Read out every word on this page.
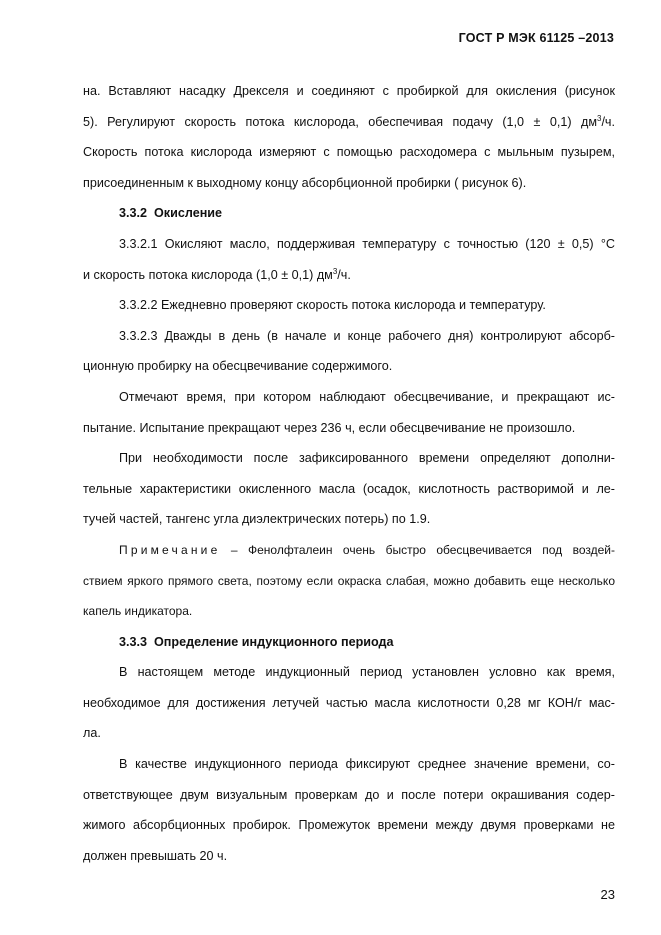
ГОСТ Р МЭК 61125 –2013
на. Вставляют насадку Дрекселя и соединяют с пробиркой для окисления (рисунок
5). Регулируют скорость потока кислорода, обеспечивая подачу (1,0 ± 0,1) $дм^3/ч$.
Скорость потока кислорода измеряют с помощью расходомера с мыльным пузырем,
присоединенным к выходному концу абсорбционной пробирки ( рисунок 6).
3.3.2 Окисление
3.3.2.1 Окисляют масло, поддерживая температуру с точностью (120 ± 0,5) °С
и скорость потока кислорода (1,0 ± 0,1) $дм^3/ч$.
3.3.2.2 Ежедневно проверяют скорость потока кислорода и температуру.
3.3.2.3 Дважды в день (в начале и конце рабочего дня) контролируют абсорб-
ционную пробирку на обесцвечивание содержимого.
Отмечают время, при котором наблюдают обесцвечивание, и прекращают ис-
пытание. Испытание прекращают через 236 ч, если обесцвечивание не произошло.
При необходимости после зафиксированного времени определяют дополни-
тельные характеристики окисленного масла (осадок, кислотность растворимой и ле-
тучей частей, тангенс угла диэлектрических потерь) по 1.9.
Примечание – Фенолфталеин очень быстро обесцвечивается под воздей-
ствием яркого прямого света, поэтому если окраска слабая, можно добавить еще несколько
капель индикатора.
3.3.3 Определение индукционного периода
В настоящем методе индукционный период установлен условно как время,
необходимое для достижения летучей частью масла кислотности 0,28 мг КОН/г мас-
ла.
В качестве индукционного периода фиксируют среднее значение времени, со-
ответствующее двум визуальным проверкам до и после потери окрашивания содер-
жимого абсорбционных пробирок. Промежуток времени между двумя проверками не
должен превышать 20 ч.
23
